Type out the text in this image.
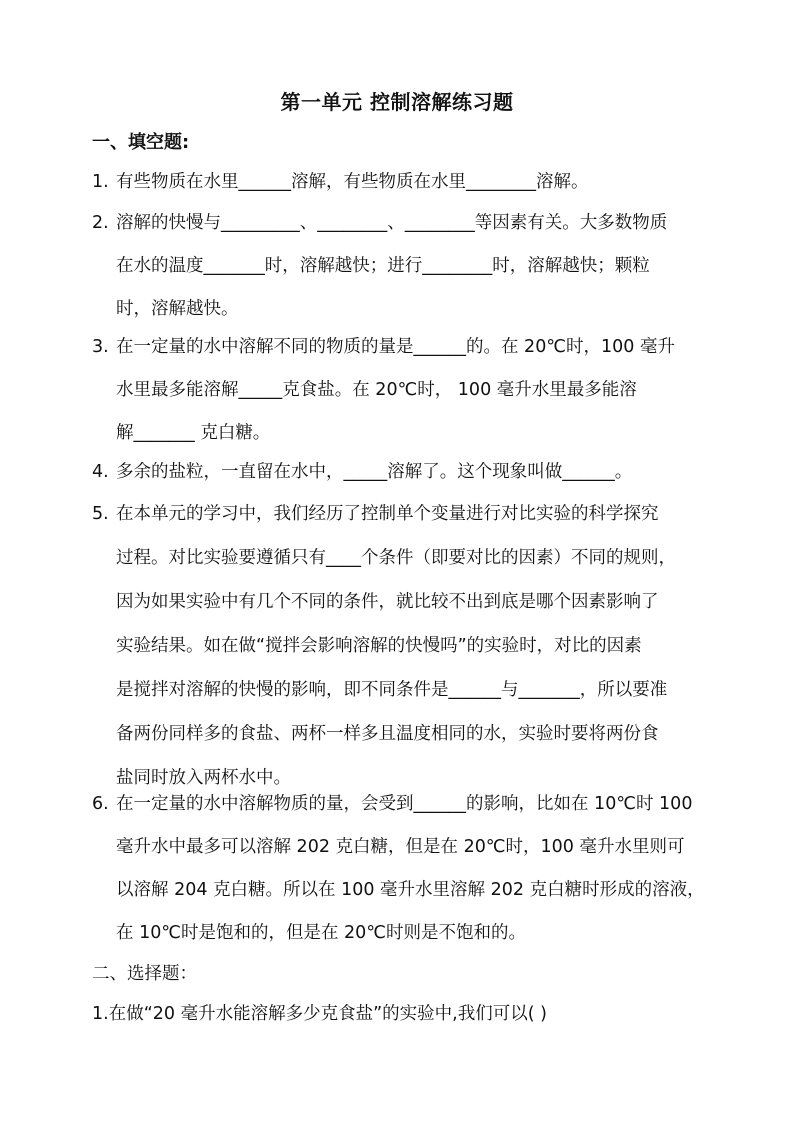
第一单元 控制溶解练习题
一、填空题:
1. 有些物质在水里______溶解，有些物质在水里________溶解。
2. 溶解的快慢与_________、________、________等因素有关。大多数物质
在水的温度_______时，溶解越快；进行________时，溶解越快；颗粒
时，溶解越快。
3. 在一定量的水中溶解不同的物质的量是______的。在 20℃时，100 毫升
水里最多能溶解_____克食盐。在 20℃时， 100 毫升水里最多能溶
解_______ 克白糖。
4. 多余的盐粒，一直留在水中，_____溶解了。这个现象叫做______。
5. 在本单元的学习中，我们经历了控制单个变量进行对比实验的科学探究
过程。对比实验要遵循只有____个条件（即要对比的因素）不同的规则，
因为如果实验中有几个不同的条件，就比较不出到底是哪个因素影响了
实验结果。如在做“搅拌会影响溶解的快慢吗”的实验时，对比的因素
是搅拌对溶解的快慢的影响，即不同条件是______与_______，所以要准
备两份同样多的食盐、两杯一样多且温度相同的水，实验时要将两份食
盐同时放入两杯水中。
6. 在一定量的水中溶解物质的量，会受到______的影响，比如在 10℃时 100
毫升水中最多可以溶解 202 克白糖，但是在 20℃时，100 毫升水里则可
以溶解 204 克白糖。所以在 100 毫升水里溶解 202 克白糖时形成的溶液，
在 10℃时是饱和的，但是在 20℃时则是不饱和的。
二、选择题：
1.在做“20 毫升水能溶解多少克食盐”的实验中,我们可以( )
